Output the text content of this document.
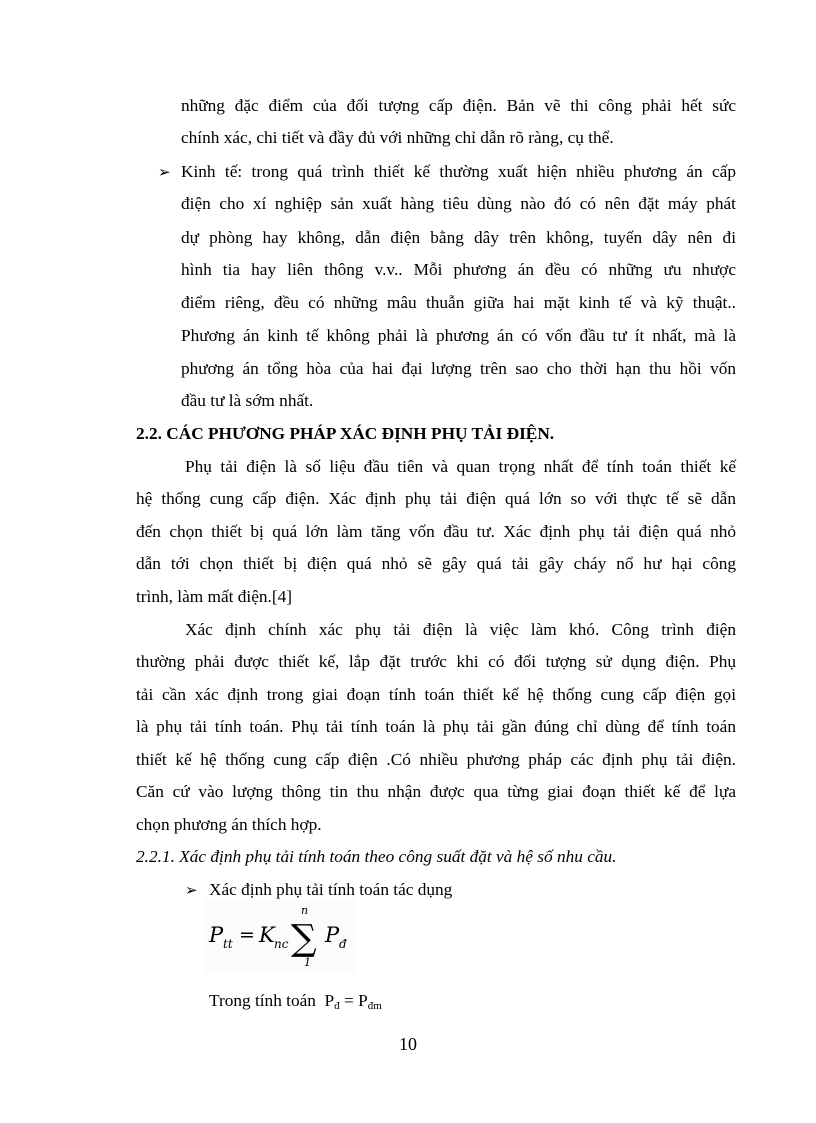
những đặc điểm của đối tượng cấp điện. Bản vẽ thi công phải hết sức
chính xác, chi tiết và đầy đủ với những chỉ dẫn rõ ràng, cụ thể.
➢ Kinh tế: trong quá trình thiết kế thường xuất hiện nhiều phương án cấp
điện cho xí nghiệp sản xuất hàng tiêu dùng nào đó có nên đặt máy phát
dự phòng hay không, dẫn điện bằng dây trên không, tuyến dây nên đi
hình tia hay liên thông v.v.. Mỗi phương án đều có những ưu nhược
điểm riêng, đều có những mâu thuẫn giữa hai mặt kinh tế và kỹ thuật..
Phương án kinh tế không phải là phương án có vốn đầu tư ít nhất, mà là
phương án tổng hòa của hai đại lượng trên sao cho thời hạn thu hồi vốn
đầu tư là sớm nhất.
2.2. CÁC PHƯƠNG PHÁP XÁC ĐỊNH PHỤ TẢI ĐIỆN.
Phụ tải điện là số liệu đầu tiên và quan trọng nhất để tính toán thiết kế
hệ thống cung cấp điện. Xác định phụ tải điện quá lớn so với thực tế sẽ dẫn
đến chọn thiết bị quá lớn làm tăng vốn đầu tư. Xác định phụ tải điện quá nhỏ
dẫn tới chọn thiết bị điện quá nhỏ sẽ gây quá tải gây cháy nổ hư hại công
trình, làm mất điện.[4]
Xác định chính xác phụ tải điện là việc làm khó. Công trình điện
thường phải được thiết kế, lắp đặt trước khi có đối tượng sử dụng điện. Phụ
tải cần xác định trong giai đoạn tính toán thiết kế hệ thống cung cấp điện gọi
là phụ tải tính toán. Phụ tải tính toán là phụ tải gần đúng chỉ dùng để tính toán
thiết kế hệ thống cung cấp điện .Có nhiều phương pháp các định phụ tải điện.
Căn cứ vào lượng thông tin thu nhận được qua từng giai đoạn thiết kế để lựa
chọn phương án thích hợp.
2.2.1. Xác định phụ tải tính toán theo công suất đặt và hệ số nhu cầu.
➢ Xác định phụ tải tính toán tác dụng
n
P tt = K nc ∑
1
P đ
Trong tính toán $P_đ = P_{đm}$
10
